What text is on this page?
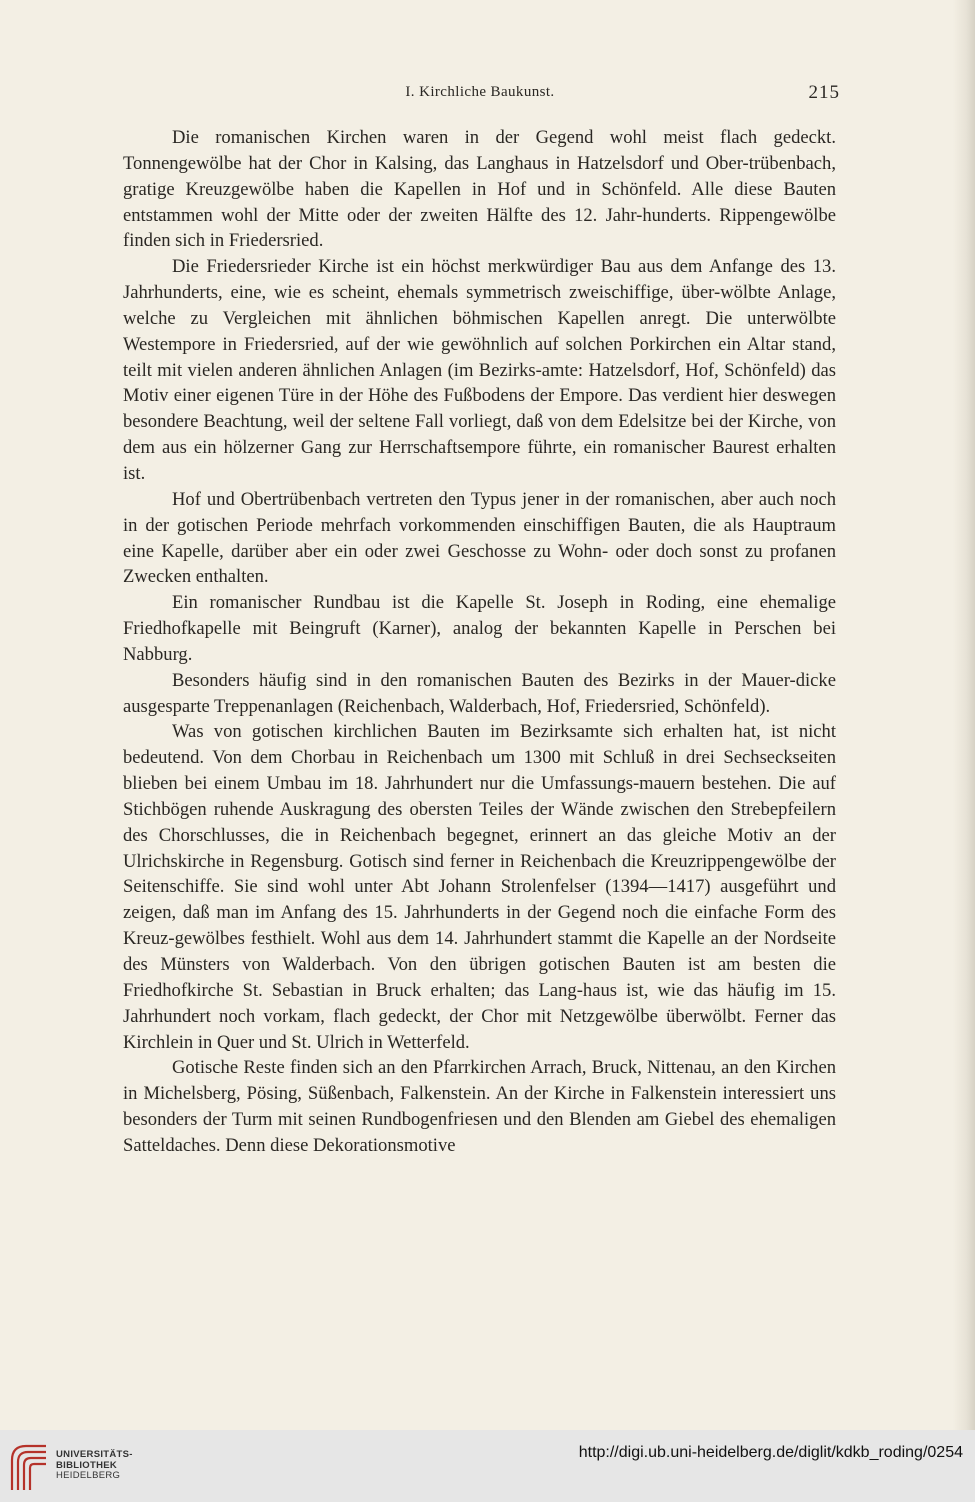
I. Kirchliche Baukunst.	215

Die romanischen Kirchen waren in der Gegend wohl meist flach gedeckt. Tonnengewölbe hat der Chor in Kalsing, das Langhaus in Hatzelsdorf und Ober-trübenbach, gratige Kreuzgewölbe haben die Kapellen in Hof und in Schönfeld. Alle diese Bauten entstammen wohl der Mitte oder der zweiten Hälfte des 12. Jahr-hunderts. Rippengewölbe finden sich in Friedersried.

Die Friedersrieder Kirche ist ein höchst merkwürdiger Bau aus dem Anfange des 13. Jahrhunderts, eine, wie es scheint, ehemals symmetrisch zweischiffige, über-wölbte Anlage, welche zu Vergleichen mit ähnlichen böhmischen Kapellen anregt. Die unterwölbte Westempore in Friedersried, auf der wie gewöhnlich auf solchen Porkirchen ein Altar stand, teilt mit vielen anderen ähnlichen Anlagen (im Bezirks-amte: Hatzelsdorf, Hof, Schönfeld) das Motiv einer eigenen Türe in der Höhe des Fußbodens der Empore. Das verdient hier deswegen besondere Beachtung, weil der seltene Fall vorliegt, daß von dem Edelsitze bei der Kirche, von dem aus ein hölzerner Gang zur Herrschaftsempore führte, ein romanischer Baurest erhalten ist.

Hof und Obertrübenbach vertreten den Typus jener in der romanischen, aber auch noch in der gotischen Periode mehrfach vorkommenden einschiffigen Bauten, die als Hauptraum eine Kapelle, darüber aber ein oder zwei Geschosse zu Wohn- oder doch sonst zu profanen Zwecken enthalten.

Ein romanischer Rundbau ist die Kapelle St. Joseph in Roding, eine ehemalige Friedhofkapelle mit Beingruft (Karner), analog der bekannten Kapelle in Perschen bei Nabburg.

Besonders häufig sind in den romanischen Bauten des Bezirks in der Mauer-dicke ausgesparte Treppenanlagen (Reichenbach, Walderbach, Hof, Friedersried, Schönfeld).

Was von gotischen kirchlichen Bauten im Bezirksamte sich erhalten hat, ist nicht bedeutend. Von dem Chorbau in Reichenbach um 1300 mit Schluß in drei Sechseckseiten blieben bei einem Umbau im 18. Jahrhundert nur die Umfassungs-mauern bestehen. Die auf Stichbögen ruhende Auskragung des obersten Teiles der Wände zwischen den Strebepfeilern des Chorschlusses, die in Reichenbach begegnet, erinnert an das gleiche Motiv an der Ulrichskirche in Regensburg. Gotisch sind ferner in Reichenbach die Kreuzrippengewölbe der Seitenschiffe. Sie sind wohl unter Abt Johann Strolenfelser (1394—1417) ausgeführt und zeigen, daß man im Anfang des 15. Jahrhunderts in der Gegend noch die einfache Form des Kreuz-gewölbes festhielt. Wohl aus dem 14. Jahrhundert stammt die Kapelle an der Nordseite des Münsters von Walderbach. Von den übrigen gotischen Bauten ist am besten die Friedhofkirche St. Sebastian in Bruck erhalten; das Lang-haus ist, wie das häufig im 15. Jahrhundert noch vorkam, flach gedeckt, der Chor mit Netzgewölbe überwölbt. Ferner das Kirchlein in Quer und St. Ulrich in Wetterfeld.

Gotische Reste finden sich an den Pfarrkirchen Arrach, Bruck, Nittenau, an den Kirchen in Michelsberg, Pösing, Süßenbach, Falkenstein. An der Kirche in Falkenstein interessiert uns besonders der Turm mit seinen Rundbogenfriesen und den Blenden am Giebel des ehemaligen Satteldaches. Denn diese Dekorationsmotive

UNIVERSITÄTS-
BIBLIOTHEK
HEIDELBERG
http://digi.ub.uni-heidelberg.de/diglit/kdkb_roding/0254
